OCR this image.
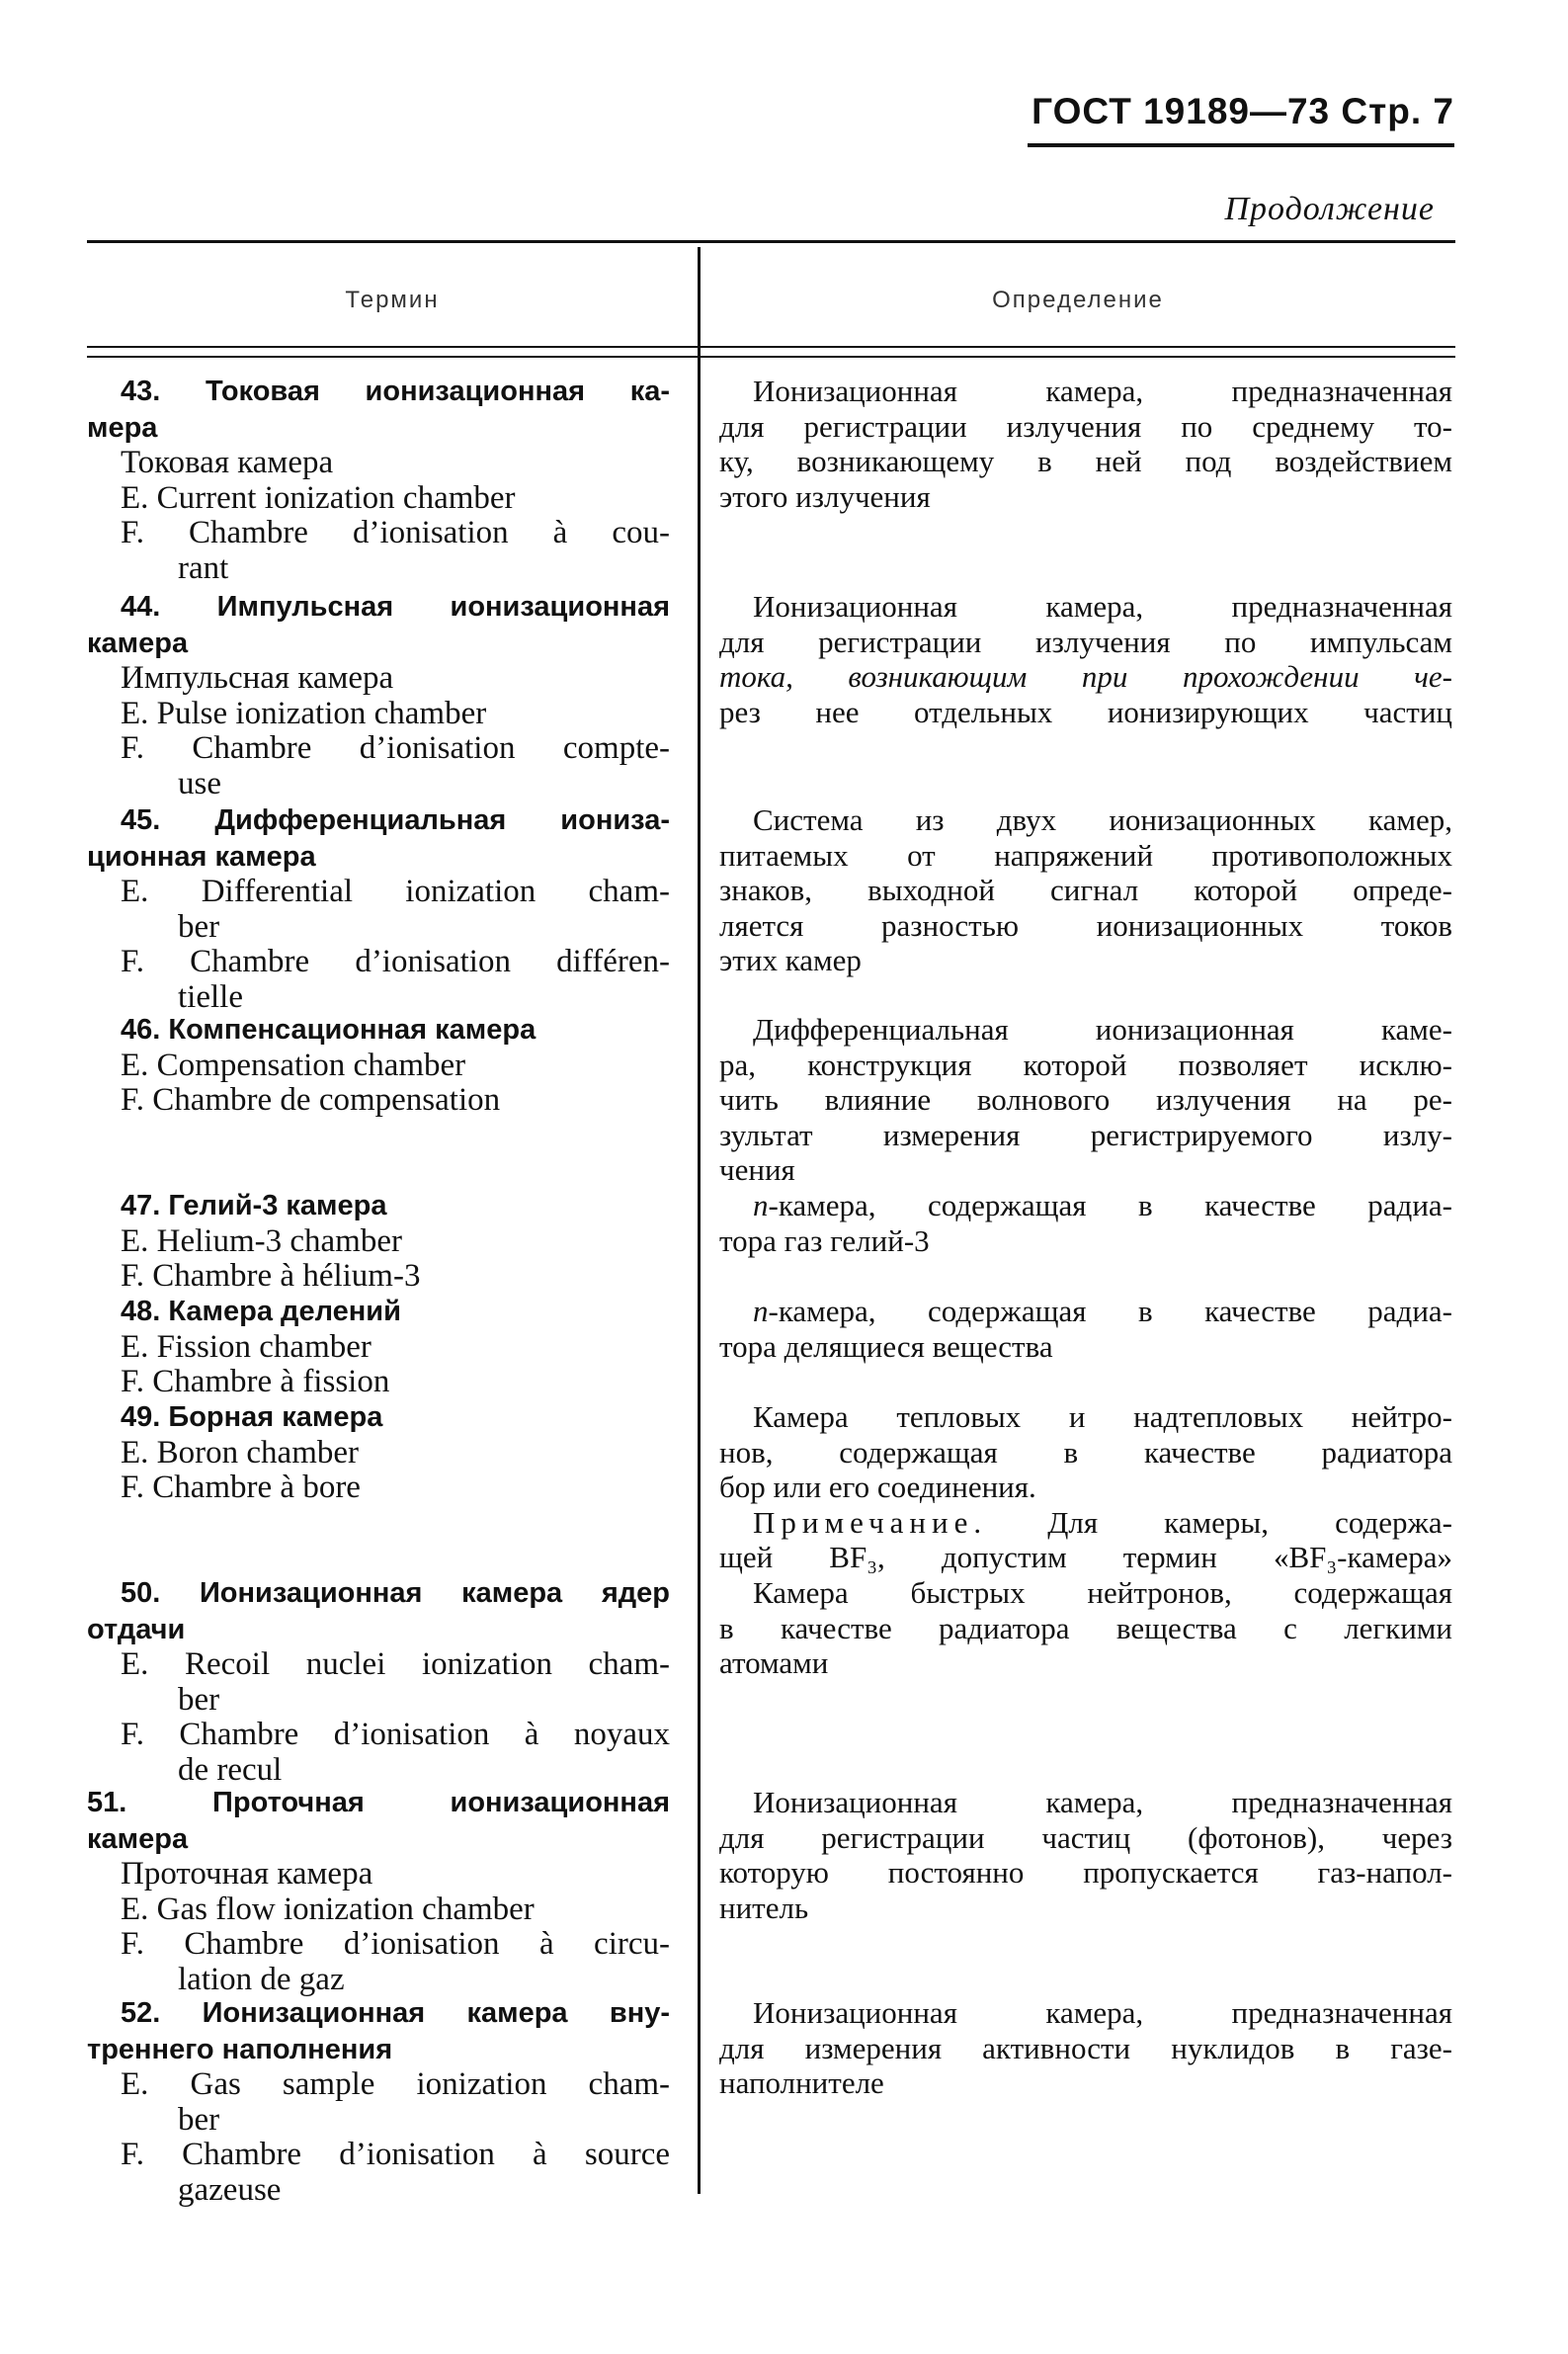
ГОСТ 19189—73 Стр. 7
Продолжение
Термин	Определение
43. Токовая ионизационная ка-
мера
Токовая камера
E. Current ionization chamber
F. Chambre d’ionisation à cou-
rant
Ионизационная камера, предназначенная
для регистрации излучения по среднему то-
ку, возникающему в ней под воздействием
этого излучения
44. Импульсная ионизационная
камера
Импульсная камера
E. Pulse ionization chamber
F. Chambre d’ionisation compte-
use
Ионизационная камера, предназначенная
для регистрации излучения по импульсам
тока, возникающим при прохождении че-
рез нее отдельных ионизирующих частиц
45. Дифференциальная иониза-
ционная камера
E. Differential ionization cham-
ber
F. Chambre d’ionisation différen-
tielle
Система из двух ионизационных камер,
питаемых от напряжений противоположных
знаков, выходной сигнал которой опреде-
ляется разностью ионизационных токов
этих камер
46. Компенсационная камера
E. Compensation chamber
F. Chambre de compensation
Дифференциальная ионизационная каме-
ра, конструкция которой позволяет исклю-
чить влияние волнового излучения на ре-
зультат измерения регистрируемого излу-
чения
47. Гелий-3 камера
E. Helium-3 chamber
F. Chambre à hélium-3
n-камера, содержащая в качестве радиа-
тора газ гелий-3
48. Камера делений
E. Fission chamber
F. Chambre à fission
n-камера, содержащая в качестве радиа-
тора делящиеся вещества
49. Борная камера
E. Boron chamber
F. Chambre à bore
Камера тепловых и надтепловых нейтро-
нов, содержащая в качестве радиатора
бор или его соединения.
Примечание. Для камеры, содержа-
щей BF₃, допустим термин «BF₃-камера»
50. Ионизационная камера ядер
отдачи
E. Recoil nuclei ionization cham-
ber
F. Chambre d’ionisation à noyaux
de recul
Камера быстрых нейтронов, содержащая
в качестве радиатора вещества с легкими
атомами
51. Проточная ионизационная
камера
Проточная камера
E. Gas flow ionization chamber
F. Chambre d’ionisation à circu-
lation de gaz
Ионизационная камера, предназначенная
для регистрации частиц (фотонов), через
которую постоянно пропускается газ-напол-
нитель
52. Ионизационная камера вну-
треннего наполнения
E. Gas sample ionization cham-
ber
F. Chambre d’ionisation à source
gazeuse
Ионизационная камера, предназначенная
для измерения активности нуклидов в газе-
наполнителе
